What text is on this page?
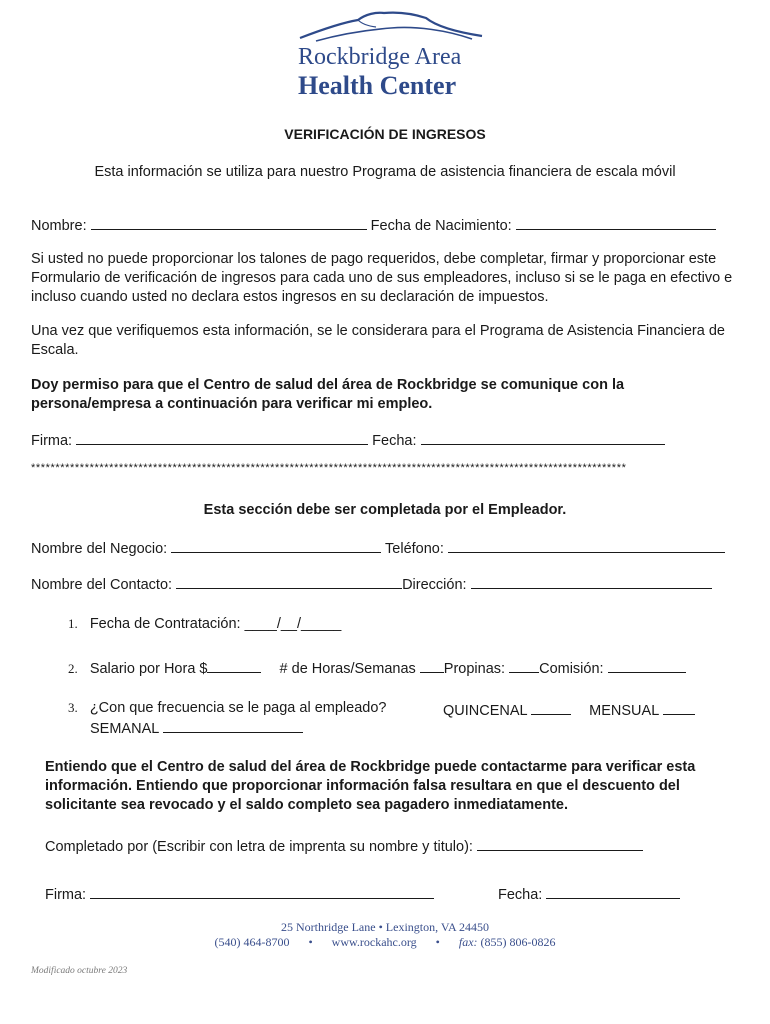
Rockbridge Area
Health Center
VERIFICACIÓN DE INGRESOS
Esta información se utiliza para nuestro Programa de asistencia financiera de escala móvil
Nombre:	Fecha de Nacimiento:
Si usted no puede proporcionar los talones de pago requeridos, debe completar, firmar y proporcionar este Formulario de verificación de ingresos para cada uno de sus empleadores, incluso si se le paga en efectivo e incluso cuando usted no declara estos ingresos en su declaración de impuestos.
Una vez que verifiquemos esta información, se le considerara para el Programa de Asistencia Financiera de Escala.
Doy permiso para que el Centro de salud del área de Rockbridge se comunique con la persona/empresa a continuación para verificar mi empleo.
Firma:	Fecha:
**************************************************************************************************************************
Esta sección debe ser completada por el Empleador.
Nombre del Negocio:	Teléfono:
Nombre del Contacto:	Dirección:
1. Fecha de Contratación: ____/__/_____
2. Salario por Hora $	# de Horas/Semanas Propinas: Comisión:
3. ¿Con que frecuencia se le paga al empleado?	QUINCENAL	MENSUAL
SEMANAL
Entiendo que el Centro de salud del área de Rockbridge puede contactarme para verificar esta información. Entiendo que proporcionar información falsa resultara en que el descuento del solicitante sea revocado y el saldo completo sea pagadero inmediatamente.
Completado por (Escribir con letra de imprenta su nombre y titulo):
Firma:	Fecha:
25 Northridge Lane • Lexington, VA 24450
(540) 464-8700 • www.rockahc.org • fax: (855) 806-0826
Modificado octubre 2023
